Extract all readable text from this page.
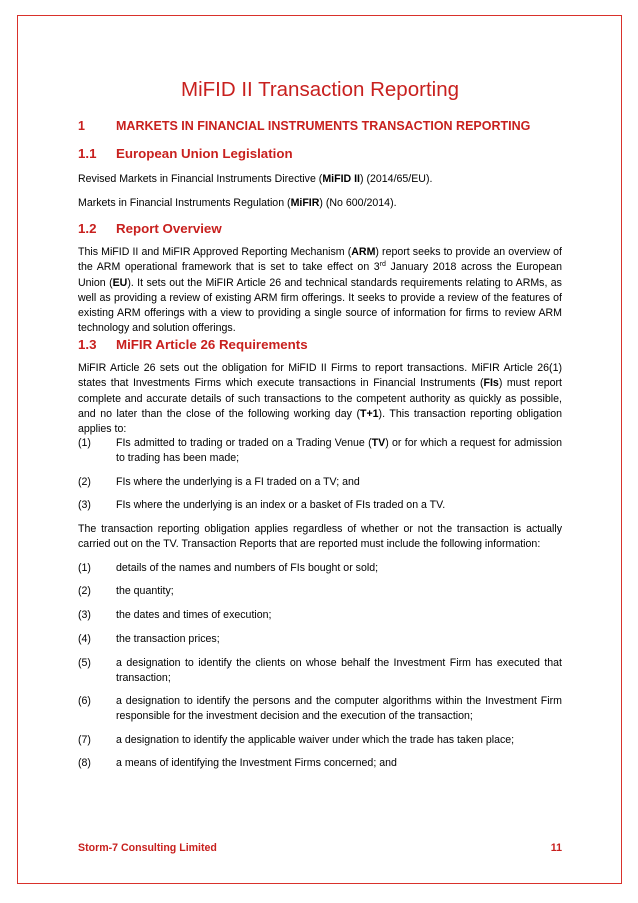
MiFID II Transaction Reporting
1 MARKETS IN FINANCIAL INSTRUMENTS TRANSACTION REPORTING
1.1 European Union Legislation
Revised Markets in Financial Instruments Directive (MiFID II) (2014/65/EU).
Markets in Financial Instruments Regulation (MiFIR) (No 600/2014).
1.2 Report Overview
This MiFID II and MiFIR Approved Reporting Mechanism (ARM) report seeks to provide an overview of the ARM operational framework that is set to take effect on 3rd January 2018 across the European Union (EU). It sets out the MiFIR Article 26 and technical standards requirements relating to ARMs, as well as providing a review of existing ARM firm offerings. It seeks to provide a review of the features of existing ARM offerings with a view to providing a single source of information for firms to review ARM technology and solution offerings.
1.3 MiFIR Article 26 Requirements
MiFIR Article 26 sets out the obligation for MiFID II Firms to report transactions. MiFIR Article 26(1) states that Investments Firms which execute transactions in Financial Instruments (FIs) must report complete and accurate details of such transactions to the competent authority as quickly as possible, and no later than the close of the following working day (T+1). This transaction reporting obligation applies to:
(1) FIs admitted to trading or traded on a Trading Venue (TV) or for which a request for admission to trading has been made;
(2) FIs where the underlying is a FI traded on a TV; and
(3) FIs where the underlying is an index or a basket of FIs traded on a TV.
The transaction reporting obligation applies regardless of whether or not the transaction is actually carried out on the TV. Transaction Reports that are reported must include the following information:
(1) details of the names and numbers of FIs bought or sold;
(2) the quantity;
(3) the dates and times of execution;
(4) the transaction prices;
(5) a designation to identify the clients on whose behalf the Investment Firm has executed that transaction;
(6) a designation to identify the persons and the computer algorithms within the Investment Firm responsible for the investment decision and the execution of the transaction;
(7) a designation to identify the applicable waiver under which the trade has taken place;
(8) a means of identifying the Investment Firms concerned; and
Storm-7 Consulting Limited	11
